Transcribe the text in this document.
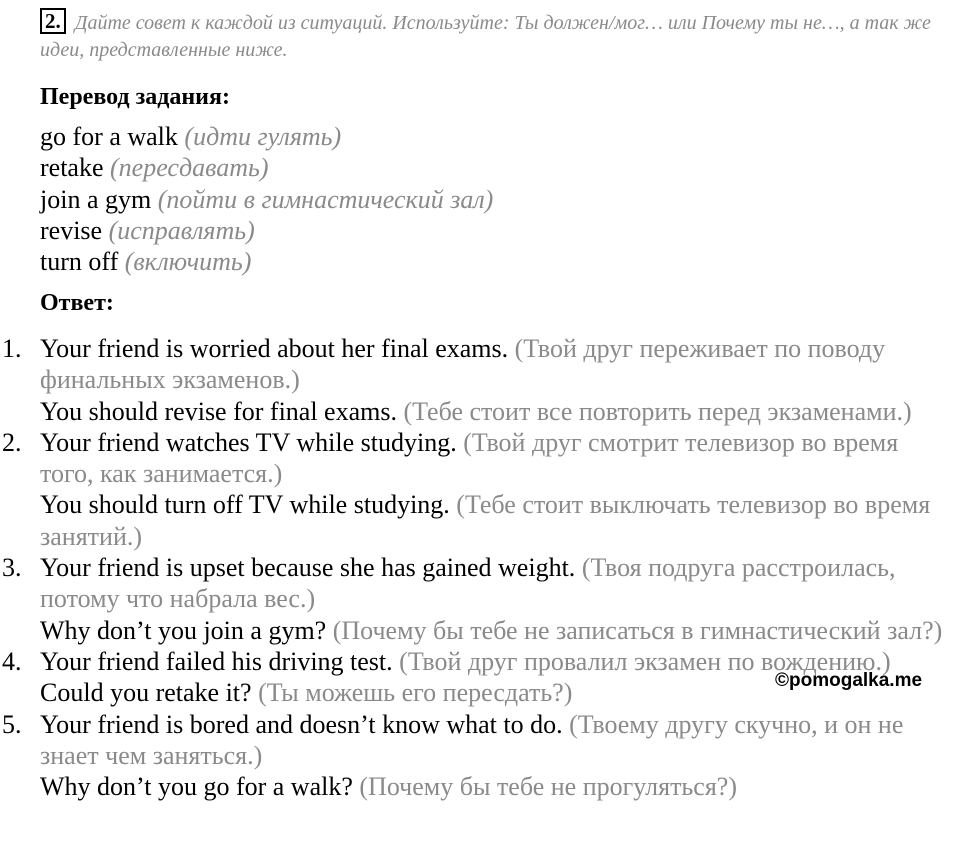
2. Дайте совет к каждой из ситуаций. Используйте: Ты должен/мог… или Почему ты не…, а так же идеи, представленные ниже.
Перевод задания:
go for a walk (идти гулять)
retake (пересдавать)
join a gym (пойти в гимнастический зал)
revise (исправлять)
turn off (включить)
Ответ:
1. Your friend is worried about her final exams. (Твой друг переживает по поводу финальных экзаменов.)
You should revise for final exams. (Тебе стоит все повторить перед экзаменами.)
2. Your friend watches TV while studying. (Твой друг смотрит телевизор во время того, как занимается.)
You should turn off TV while studying. (Тебе стоит выключать телевизор во время занятий.)
3. Your friend is upset because she has gained weight. (Твоя подруга расстроилась, потому что набрала вес.)
Why don’t you join a gym? (Почему бы тебе не записаться в гимнастический зал?)
4. Your friend failed his driving test. (Твой друг провалил экзамен по вождению.)
Could you retake it? (Ты можешь его пересдать?)
5. Your friend is bored and doesn’t know what to do. (Твоему другу скучно, и он не знает чем заняться.)
Why don’t you go for a walk? (Почему бы тебе не прогуляться?)
©pomogalka.me
